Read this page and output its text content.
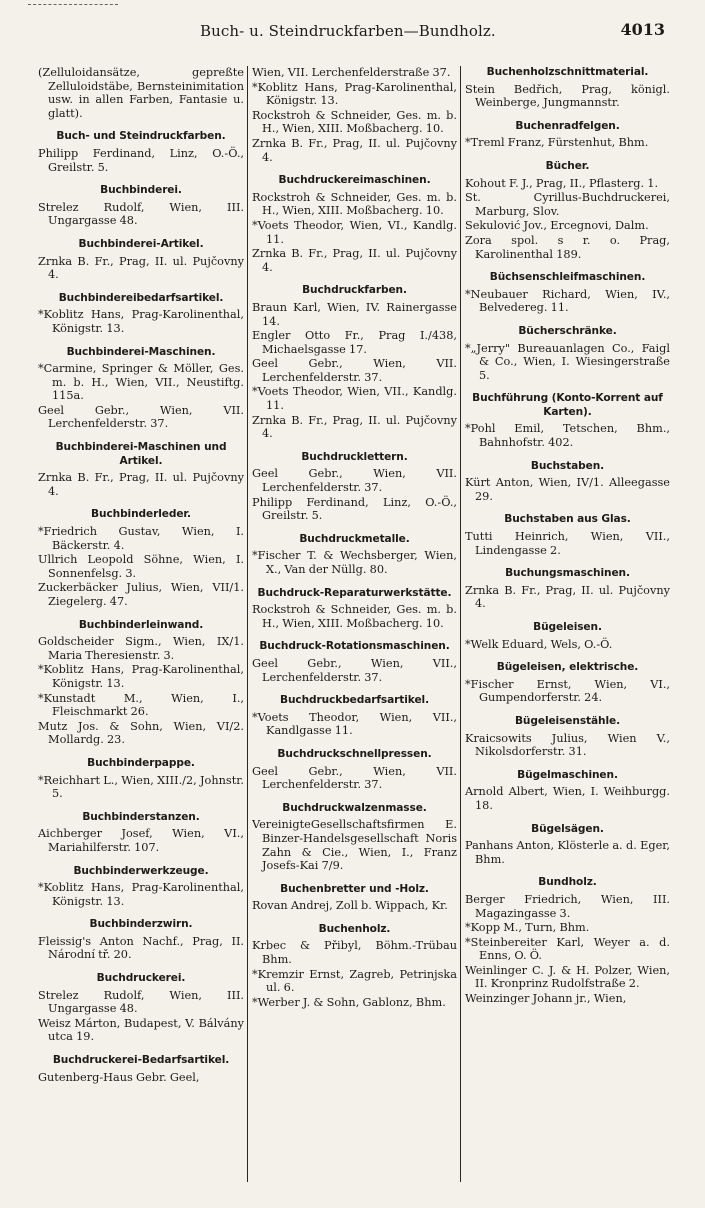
Buch- u. Steindruckfarben—Bundholz.	4013
(Zelluloidansätze, gepreßte Zelluloidstäbe, Bernsteinimitation usw. in allen Farben, Fantasie u. glatt).
Buch- und Steindruckfarben.
Philipp Ferdinand, Linz, O.-Ö., Greilstr. 5.
Buchbinderei.
Strelez Rudolf, Wien, III. Ungargasse 48.
Buchbinderei-Artikel.
Zrnka B. Fr., Prag, II. ul. Pujčovny 4.
Buchbindereibedarfsartikel.
*Koblitz Hans, Prag-Karolinenthal, Königstr. 13.
Buchbinderei-Maschinen.
*Carmine, Springer & Möller, Ges. m. b. H., Wien, VII., Neustiftg. 115a.
Geel Gebr., Wien, VII. Lerchenfelderstr. 37.
Buchbinderei-Maschinen und Artikel.
Zrnka B. Fr., Prag, II. ul. Pujčovny 4.
Buchbinderleder.
*Friedrich Gustav, Wien, I. Bäckerstr. 4.
Ullrich Leopold Söhne, Wien, I. Sonnenfelsg. 3.
Zuckerbäcker Julius, Wien, VII/1. Ziegelerg. 47.
Buchbinderleinwand.
Goldscheider Sigm., Wien, IX/1. Maria Theresienstr. 3.
*Koblitz Hans, Prag-Karolinenthal, Königstr. 13.
*Kunstadt M., Wien, I., Fleischmarkt 26.
Mutz Jos. & Sohn, Wien, VI/2. Mollardg. 23.
Buchbinderpappe.
*Reichhart L., Wien, XIII./2, Johnstr. 5.
Buchbinderstanzen.
Aichberger Josef, Wien, VI., Mariahilferstr. 107.
Buchbinderwerkzeuge.
*Koblitz Hans, Prag-Karolinenthal, Königstr. 13.
Buchbinderzwirn.
Fleissig's Anton Nachf., Prag, II. Národní tř. 20.
Buchdruckerei.
Strelez Rudolf, Wien, III. Ungargasse 48.
Weisz Márton, Budapest, V. Bálvány utca 19.
Buchdruckerei-Bedarfsartikel.
Gutenberg-Haus Gebr. Geel,
Wien, VII. Lerchenfelderstraße 37.
*Koblitz Hans, Prag-Karolinenthal, Königstr. 13.
Rockstroh & Schneider, Ges. m. b. H., Wien, XIII. Moßbacherg. 10.
Zrnka B. Fr., Prag, II. ul. Pujčovny 4.
Buchdruckereimaschinen.
Rockstroh & Schneider, Ges. m. b. H., Wien, XIII. Moßbacherg. 10.
*Voets Theodor, Wien, VI., Kandlg. 11.
Zrnka B. Fr., Prag, II. ul. Pujčovny 4.
Buchdruckfarben.
Braun Karl, Wien, IV. Rainergasse 14.
Engler Otto Fr., Prag I./438, Michaelsgasse 17.
Geel Gebr., Wien, VII. Lerchenfelderstr. 37.
*Voets Theodor, Wien, VII., Kandlg. 11.
Zrnka B. Fr., Prag, II. ul. Pujčovny 4.
Buchdrucklettern.
Geel Gebr., Wien, VII. Lerchenfelderstr. 37.
Philipp Ferdinand, Linz, O.-Ö., Greilstr. 5.
Buchdruckmetalle.
*Fischer T. & Wechsberger, Wien, X., Van der Nüllg. 80.
Buchdruck-Reparaturwerkstätte.
Rockstroh & Schneider, Ges. m. b. H., Wien, XIII. Moßbacherg. 10.
Buchdruck-Rotationsmaschinen.
Geel Gebr., Wien, VII., Lerchenfelderstr. 37.
Buchdruckbedarfsartikel.
*Voets Theodor, Wien, VII., Kandlgasse 11.
Buchdruckschnellpressen.
Geel Gebr., Wien, VII. Lerchenfelderstr. 37.
Buchdruckwalzenmasse.
VereinigteGesellschaftsfirmen E. Binzer-Handelsgesellschaft Noris Zahn & Cie., Wien, I., Franz Josefs-Kai 7/9.
Buchenbretter und -Holz.
Rovan Andrej, Zoll b. Wippach, Kr.
Buchenholz.
Krbec & Přibyl, Böhm.-Trübau Bhm.
*Kremzir Ernst, Zagreb, Petrinjska ul. 6.
*Werber J. & Sohn, Gablonz, Bhm.
Buchenholzschnittmaterial.
Stein Bedřich, Prag, königl. Weinberge, Jungmannstr.
Buchenradfelgen.
*Treml Franz, Fürstenhut, Bhm.
Bücher.
Kohout F. J., Prag, II., Pflasterg. 1.
St. Cyrillus-Buchdruckerei, Marburg, Slov.
Sekulović Jov., Ercegnovi, Dalm.
Zora spol. s r. o. Prag, Karolinenthal 189.
Büchsenschleifmaschinen.
*Neubauer Richard, Wien, IV., Belvedereg. 11.
Bücherschränke.
*„Jerry" Bureauanlagen Co., Faigl & Co., Wien, I. Wiesingerstraße 5.
Buchführung (Konto-Korrent auf Karten).
*Pohl Emil, Tetschen, Bhm., Bahnhofstr. 402.
Buchstaben.
Kürt Anton, Wien, IV/1. Alleegasse 29.
Buchstaben aus Glas.
Tutti Heinrich, Wien, VII., Lindengasse 2.
Buchungsmaschinen.
Zrnka B. Fr., Prag, II. ul. Pujčovny 4.
Bügeleisen.
*Welk Eduard, Wels, O.-Ö.
Bügeleisen, elektrische.
*Fischer Ernst, Wien, VI., Gumpendorferstr. 24.
Bügeleisenstähle.
Kraicsowits Julius, Wien V., Nikolsdorferstr. 31.
Bügelmaschinen.
Arnold Albert, Wien, I. Weihburgg. 18.
Bügelsägen.
Panhans Anton, Klösterle a. d. Eger, Bhm.
Bundholz.
Berger Friedrich, Wien, III. Magazingasse 3.
*Kopp M., Turn, Bhm.
*Steinbereiter Karl, Weyer a. d. Enns, O. Ö.
Weinlinger C. J. & H. Polzer, Wien, II. Kronprinz Rudolfstraße 2.
Weinzinger Johann jr., Wien,
